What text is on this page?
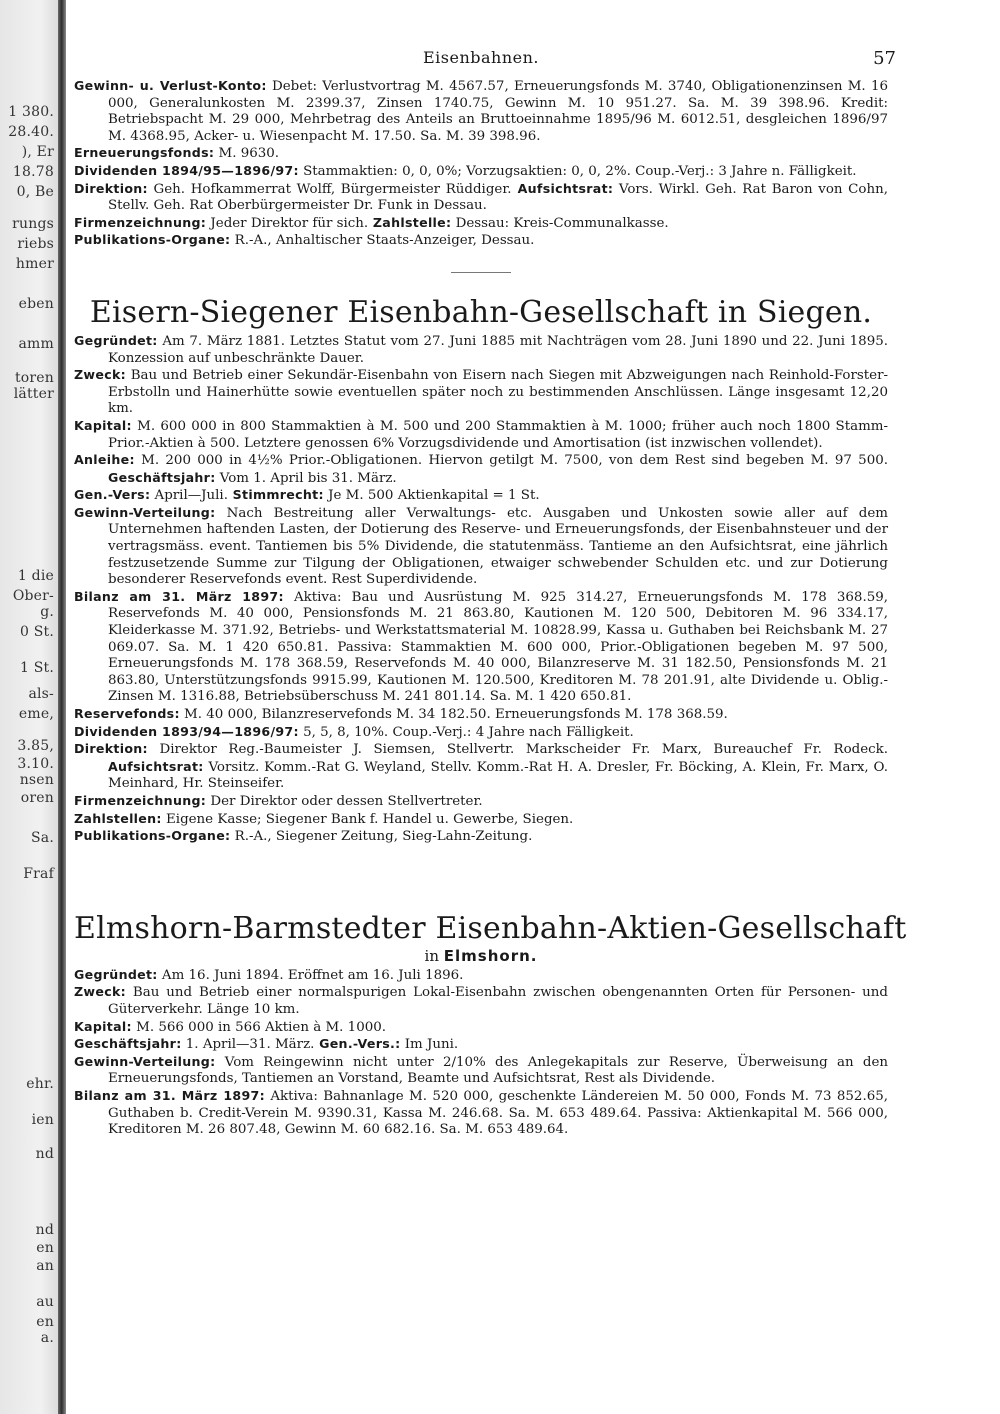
1 380.
28.40.
), Er
18.78
0, Be
rungs
riebs
hmer
eben
amm
toren
lätter
1 die
Ober-
g.
0 St.
1 St.
als-
eme,
3.85,
3.10.
nsen
oren
Sa.
Fraf
ehr.
ien
nd
nd
en
an
au
en
a.
Eisenbahnen.	57

Gewinn- u. Verlust-Konto: Debet: Verlustvortrag M. 4567.57, Erneuerungsfonds M. 3740, Obligationenzinsen M. 16 000, Generalunkosten M. 2399.37, Zinsen 1740.75, Gewinn M. 10 951.27. Sa. M. 39 398.96. Kredit: Betriebspacht M. 29 000, Mehrbetrag des Anteils an Bruttoeinnahme 1895/96 M. 6012.51, desgleichen 1896/97 M. 4368.95, Acker- u. Wiesenpacht M. 17.50. Sa. M. 39 398.96.

Erneuerungsfonds: M. 9630.

Dividenden 1894/95—1896/97: Stammaktien: 0, 0, 0%; Vorzugsaktien: 0, 0, 2%. Coup.-Verj.: 3 Jahre n. Fälligkeit.

Direktion: Geh. Hofkammerrat Wolff, Bürgermeister Rüddiger. Aufsichtsrat: Vors. Wirkl. Geh. Rat Baron von Cohn, Stellv. Geh. Rat Oberbürgermeister Dr. Funk in Dessau.

Firmenzeichnung: Jeder Direktor für sich. Zahlstelle: Dessau: Kreis-Communalkasse.

Publikations-Organe: R.-A., Anhaltischer Staats-Anzeiger, Dessau.

Eisern-Siegener Eisenbahn-Gesellschaft in Siegen.

Gegründet: Am 7. März 1881. Letztes Statut vom 27. Juni 1885 mit Nachträgen vom 28. Juni 1890 und 22. Juni 1895. Konzession auf unbeschränkte Dauer.

Zweck: Bau und Betrieb einer Sekundär-Eisenbahn von Eisern nach Siegen mit Abzweigungen nach Reinhold-Forster-Erbstolln und Hainerhütte sowie eventuellen später noch zu bestimmenden Anschlüssen. Länge insgesamt 12,20 km.

Kapital: M. 600 000 in 800 Stammaktien à M. 500 und 200 Stammaktien à M. 1000; früher auch noch 1800 Stamm-Prior.-Aktien à 500. Letztere genossen 6% Vorzugsdividende und Amortisation (ist inzwischen vollendet).

Anleihe: M. 200 000 in 4½% Prior.-Obligationen. Hiervon getilgt M. 7500, von dem Rest sind begeben M. 97 500. Geschäftsjahr: Vom 1. April bis 31. März.

Gen.-Vers: April—Juli. Stimmrecht: Je M. 500 Aktienkapital = 1 St.

Gewinn-Verteilung: Nach Bestreitung aller Verwaltungs- etc. Ausgaben und Unkosten sowie aller auf dem Unternehmen haftenden Lasten, der Dotierung des Reserve- und Erneuerungsfonds, der Eisenbahnsteuer und der vertragsmäss. event. Tantiemen bis 5% Dividende, die statutenmäss. Tantieme an den Aufsichtsrat, eine jährlich festzusetzende Summe zur Tilgung der Obligationen, etwaiger schwebender Schulden etc. und zur Dotierung besonderer Reservefonds event. Rest Superdividende.

Bilanz am 31. März 1897: Aktiva: Bau und Ausrüstung M. 925 314.27, Erneuerungsfonds M. 178 368.59, Reservefonds M. 40 000, Pensionsfonds M. 21 863.80, Kautionen M. 120 500, Debitoren M. 96 334.17, Kleiderkasse M. 371.92, Betriebs- und Werkstattsmaterial M. 10828.99, Kassa u. Guthaben bei Reichsbank M. 27 069.07. Sa. M. 1 420 650.81. Passiva: Stammaktien M. 600 000, Prior.-Obligationen begeben M. 97 500, Erneuerungsfonds M. 178 368.59, Reservefonds M. 40 000, Bilanzreserve M. 31 182.50, Pensionsfonds M. 21 863.80, Unterstützungsfonds 9915.99, Kautionen M. 120.500, Kreditoren M. 78 201.91, alte Dividende u. Oblig.-Zinsen M. 1316.88, Betriebsüberschuss M. 241 801.14. Sa. M. 1 420 650.81.

Reservefonds: M. 40 000, Bilanzreservefonds M. 34 182.50. Erneuerungsfonds M. 178 368.59.

Dividenden 1893/94—1896/97: 5, 5, 8, 10%. Coup.-Verj.: 4 Jahre nach Fälligkeit.

Direktion: Direktor Reg.-Baumeister J. Siemsen, Stellvertr. Markscheider Fr. Marx, Bureauchef Fr. Rodeck. Aufsichtsrat: Vorsitz. Komm.-Rat G. Weyland, Stellv. Komm.-Rat H. A. Dresler, Fr. Böcking, A. Klein, Fr. Marx, O. Meinhard, Hr. Steinseifer.

Firmenzeichnung: Der Direktor oder dessen Stellvertreter.

Zahlstellen: Eigene Kasse; Siegener Bank f. Handel u. Gewerbe, Siegen.

Publikations-Organe: R.-A., Siegener Zeitung, Sieg-Lahn-Zeitung.

Elmshorn-Barmstedter Eisenbahn-Aktien-Gesellschaft
in Elmshorn.

Gegründet: Am 16. Juni 1894. Eröffnet am 16. Juli 1896.

Zweck: Bau und Betrieb einer normalspurigen Lokal-Eisenbahn zwischen obengenannten Orten für Personen- und Güterverkehr. Länge 10 km.

Kapital: M. 566 000 in 566 Aktien à M. 1000.

Geschäftsjahr: 1. April—31. März. Gen.-Vers.: Im Juni.

Gewinn-Verteilung: Vom Reingewinn nicht unter 2/10% des Anlegekapitals zur Reserve, Überweisung an den Erneuerungsfonds, Tantiemen an Vorstand, Beamte und Aufsichtsrat, Rest als Dividende.

Bilanz am 31. März 1897: Aktiva: Bahnanlage M. 520 000, geschenkte Ländereien M. 50 000, Fonds M. 73 852.65, Guthaben b. Credit-Verein M. 9390.31, Kassa M. 246.68. Sa. M. 653 489.64. Passiva: Aktienkapital M. 566 000, Kreditoren M. 26 807.48, Gewinn M. 60 682.16. Sa. M. 653 489.64.
